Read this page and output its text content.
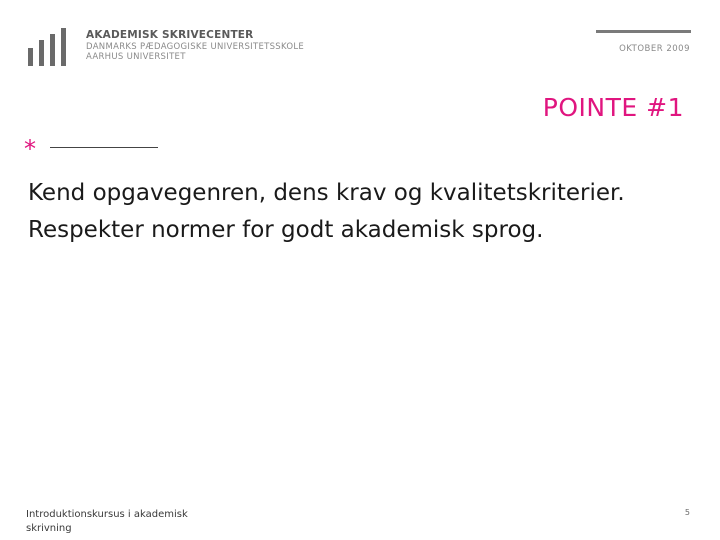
AKADEMISK SKRIVECENTER
DANMARKS PÆDAGOGISKE UNIVERSITETSSKOLE
AARHUS UNIVERSITET
OKTOBER 2009
POINTE #1
*
Kend opgavegenren, dens krav og kvalitetskriterier. Respekter normer for godt akademisk sprog.
Introduktionskursus i akademisk skrivning
5
